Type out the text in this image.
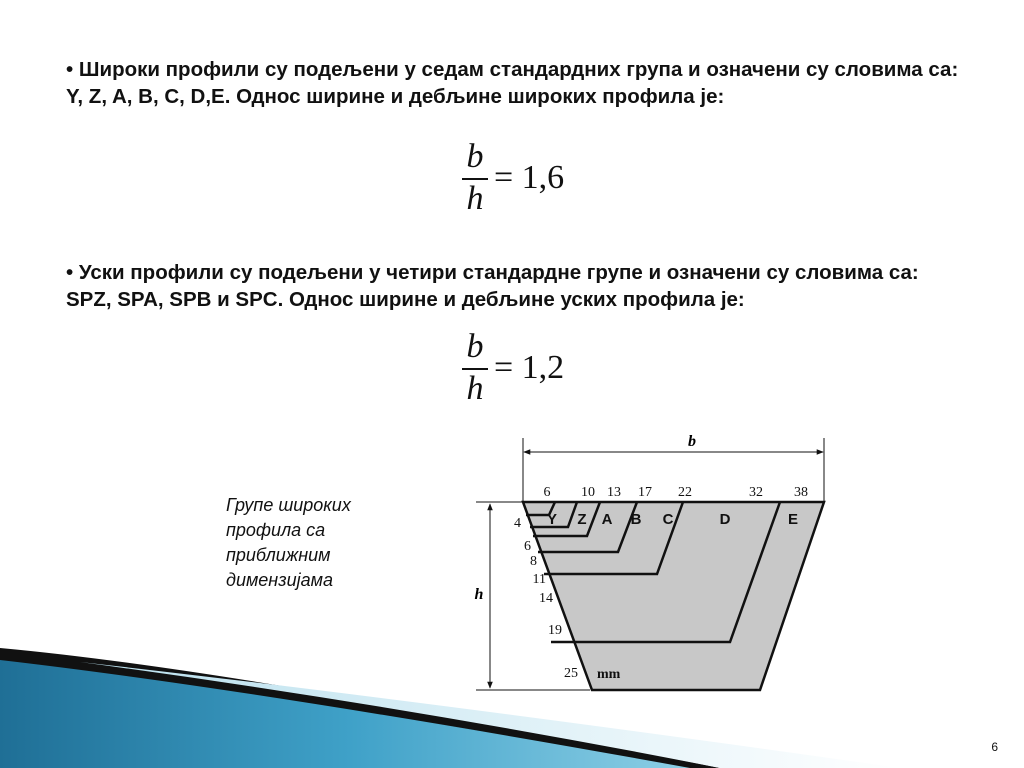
• Широки профили су подељени у седам стандардних група и означени су словима са: Y, Z, A, B, C, D,E. Однос ширине и дебљине широких профила је:
b
h
= 1,6
• Уски профили су подељени у четири стандардне групе и означени су словима са: SPZ, SPA, SPB и SPC. Однос ширине и дебљине уских профила је:
b
h
= 1,2
Групе широких профила са приближним димензијама
b
h
Y Z A B C	D	E
6 10 13 17 22	32 38
4
6
8
11
14
19
25 mm
6
